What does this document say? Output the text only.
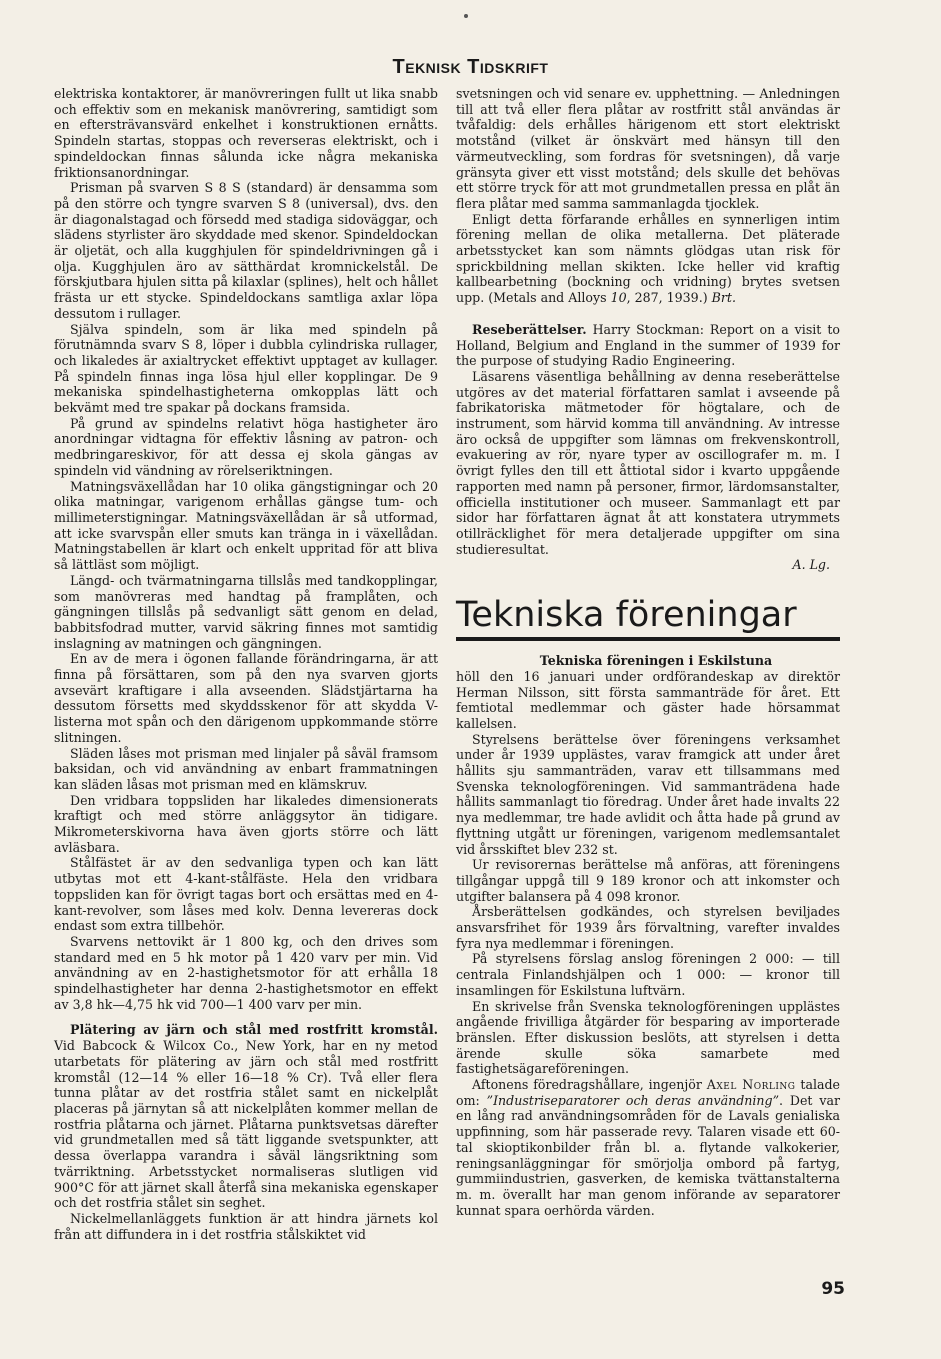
Teknisk Tidskrift

elektriska kontaktorer, är manövreringen fullt ut lika snabb och effektiv som en mekanisk manövrering, samtidigt som en eftersträvansvärd enkelhet i konstruktionen ernåtts. Spindeln startas, stoppas och reverseras elektriskt, och i spindeldockan finnas sålunda icke några mekaniska friktionsanordningar.

Prisman på svarven S 8 S (standard) är densamma som på den större och tyngre svarven S 8 (universal), dvs. den är diagonalstagad och försedd med stadiga sidoväggar, och slädens styrlister äro skyddade med skenor. Spindeldockan är oljetät, och alla kugghjulen för spindeldrivningen gå i olja. Kugghjulen äro av sätthärdat kromnickelstål. De förskjutbara hjulen sitta på kilaxlar (splines), helt och hållet frästa ur ett stycke. Spindeldockans samtliga axlar löpa dessutom i rullager.

Själva spindeln, som är lika med spindeln på förutnämnda svarv S 8, löper i dubbla cylindriska rullager, och likaledes är axialtrycket effektivt upptaget av kullager. På spindeln finnas inga lösa hjul eller kopplingar. De 9 mekaniska spindelhastigheterna omkopplas lätt och bekvämt med tre spakar på dockans framsida.

På grund av spindelns relativt höga hastigheter äro anordningar vidtagna för effektiv låsning av patron- och medbringareskivor, för att dessa ej skola gängas av spindeln vid vändning av rörelseriktningen.

Matningsväxellådan har 10 olika gängstigningar och 20 olika matningar, varigenom erhållas gängse tum- och millimeterstigningar. Matningsväxellådan är så utformad, att icke svarvspån eller smuts kan tränga in i växellådan. Matningstabellen är klart och enkelt uppritad för att bliva så lättläst som möjligt.

Längd- och tvärmatningarna tillslås med tandkopplingar, som manövreras med handtag på framplåten, och gängningen tillslås på sedvanligt sätt genom en delad, babbitsfodrad mutter, varvid säkring finnes mot samtidig inslagning av matningen och gängningen.

En av de mera i ögonen fallande förändringarna, är att finna på försättaren, som på den nya svarven gjorts avsevärt kraftigare i alla avseenden. Slädstjärtarna ha dessutom försetts med skyddsskenor för att skydda V-listerna mot spån och den därigenom uppkommande större slitningen.

Släden låses mot prisman med linjaler på såväl framsom baksidan, och vid användning av enbart frammatningen kan släden låsas mot prisman med en klämskruv.

Den vridbara toppsliden har likaledes dimensionerats kraftigt och med större anläggsytor än tidigare. Mikrometerskivorna hava även gjorts större och lätt avläsbara.

Stålfästet är av den sedvanliga typen och kan lätt utbytas mot ett 4-kant-stålfäste. Hela den vridbara toppsliden kan för övrigt tagas bort och ersättas med en 4-kant-revolver, som låses med kolv. Denna levereras dock endast som extra tillbehör.

Svarvens nettovikt är 1 800 kg, och den drives som standard med en 5 hk motor på 1 420 varv per min. Vid användning av en 2-hastighetsmotor för att erhålla 18 spindelhastigheter har denna 2-hastighetsmotor en effekt av 3,8 hk—4,75 hk vid 700—1 400 varv per min.

Plätering av järn och stål med rostfritt kromstål. Vid Babcock & Wilcox Co., New York, har en ny metod utarbetats för plätering av järn och stål med rostfritt kromstål (12—14 % eller 16—18 % Cr). Två eller flera tunna plåtar av det rostfria stålet samt en nickelplåt placeras på järnytan så att nickelplåten kommer mellan de rostfria plåtarna och järnet. Plåtarna punktsvetsas därefter vid grundmetallen med så tätt liggande svetspunkter, att dessa överlappa varandra i såväl längsriktning som tvärriktning. Arbetsstycket normaliseras slutligen vid 900°C för att järnet skall återfå sina mekaniska egenskaper och det rostfria stålet sin seghet.

Nickelmellanläggets funktion är att hindra järnets kol från att diffundera in i det rostfria stålskiktet vid

svetsningen och vid senare ev. upphettning. — Anledningen till att två eller flera plåtar av rostfritt stål användas är tvåfaldig: dels erhålles härigenom ett stort elektriskt motstånd (vilket är önskvärt med hänsyn till den värmeutveckling, som fordras för svetsningen), då varje gränsyta giver ett visst motstånd; dels skulle det behövas ett större tryck för att mot grundmetallen pressa en plåt än flera plåtar med samma sammanlagda tjocklek.

Enligt detta förfarande erhålles en synnerligen intim förening mellan de olika metallerna. Det pläterade arbetsstycket kan som nämnts glödgas utan risk för sprickbildning mellan skikten. Icke heller vid kraftig kallbearbetning (bockning och vridning) brytes svetsen upp. (Metals and Alloys 10, 287, 1939.) Brt.

Reseberättelser. Harry Stockman: Report on a visit to Holland, Belgium and England in the summer of 1939 for the purpose of studying Radio Engineering.

Läsarens väsentliga behållning av denna reseberättelse utgöres av det material författaren samlat i avseende på fabrikatoriska mätmetoder för högtalare, och de instrument, som härvid komma till användning. Av intresse äro också de uppgifter som lämnas om frekvenskontroll, evakuering av rör, nyare typer av oscillografer m. m. I övrigt fylles den till ett åttiotal sidor i kvarto uppgående rapporten med namn på personer, firmor, lärdomsanstalter, officiella institutioner och museer. Sammanlagt ett par sidor har författaren ägnat åt att konstatera utrymmets otillräcklighet för mera detaljerade uppgifter om sina studieresultat.

A. Lg.

Tekniska föreningar

Tekniska föreningen i Eskilstuna

höll den 16 januari under ordförandeskap av direktör Herman Nilsson, sitt första sammanträde för året. Ett femtiotal medlemmar och gäster hade hörsammat kallelsen.

Styrelsens berättelse över föreningens verksamhet under år 1939 upplästes, varav framgick att under året hållits sju sammanträden, varav ett tillsammans med Svenska teknologföreningen. Vid sammanträdena hade hållits sammanlagt tio föredrag. Under året hade invalts 22 nya medlemmar, tre hade avlidit och åtta hade på grund av flyttning utgått ur föreningen, varigenom medlemsantalet vid årsskiftet blev 232 st.

Ur revisorernas berättelse må anföras, att föreningens tillgångar uppgå till 9 189 kronor och att inkomster och utgifter balansera på 4 098 kronor.

Årsberättelsen godkändes, och styrelsen beviljades ansvarsfrihet för 1939 års förvaltning, varefter invaldes fyra nya medlemmar i föreningen.

På styrelsens förslag anslog föreningen 2 000: — till centrala Finlandshjälpen och 1 000: — kronor till insamlingen för Eskilstuna luftvärn.

En skrivelse från Svenska teknologföreningen upplästes angående frivilliga åtgärder för besparing av importerade bränslen. Efter diskussion beslöts, att styrelsen i detta ärende skulle söka samarbete med fastighetsägareföreningen.

Aftonens föredragshållare, ingenjör Axel Norling talade om: ”Industriseparatorer och deras användning”. Det var en lång rad användningsområden för de Lavals genialiska uppfinning, som här passerade revy. Talaren visade ett 60-tal skioptikonbilder från bl. a. flytande valkokerier, reningsanläggningar för smörjolja ombord på fartyg, gummiindustrien, gasverken, de kemiska tvättanstalterna m. m. överallt har man genom införande av separatorer kunnat spara oerhörda värden.

95
